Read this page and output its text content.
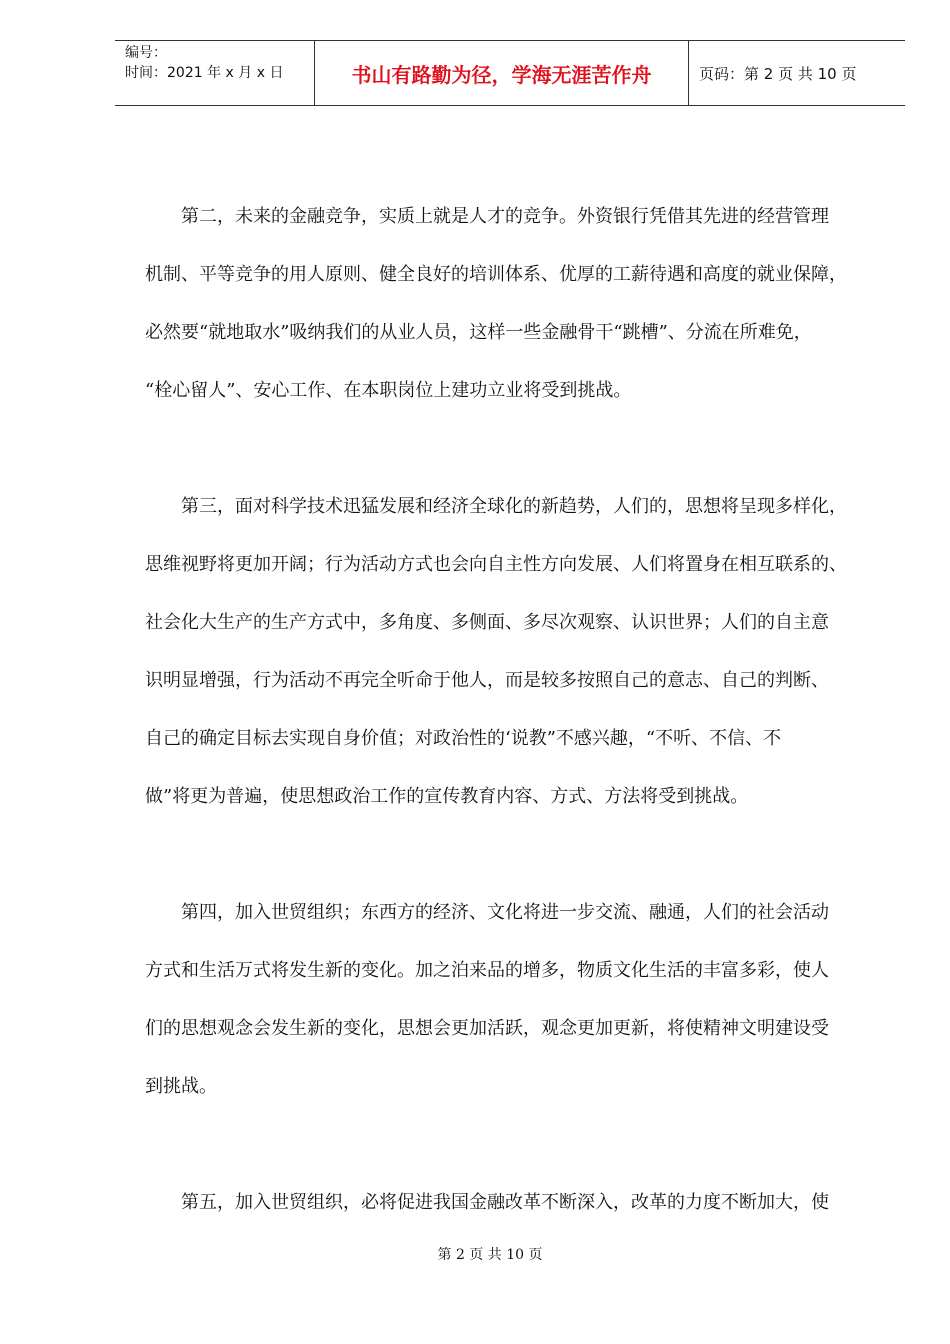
编号：
时间：2021 年 x 月 x 日	书山有路勤为径，学海无涯苦作舟	页码：第 2 页 共 10 页
第二，未来的金融竞争，实质上就是人才的竞争。外资银行凭借其先进的经营管理
机制、平等竞争的用人原则、健全良好的培训体系、优厚的工薪待遇和高度的就业保障，
必然要“就地取水”吸纳我们的从业人员，这样一些金融骨干“跳槽”、分流在所难免，
“栓心留人”、安心工作、在本职岗位上建功立业将受到挑战。
第三，面对科学技术迅猛发展和经济全球化的新趋势，人们的，思想将呈现多样化，
思维视野将更加开阔；行为活动方式也会向自主性方向发展、人们将置身在相互联系的、
社会化大生产的生产方式中，多角度、多侧面、多尽次观察、认识世界；人们的自主意
识明显增强，行为活动不再完全听命于他人，而是较多按照自己的意志、自己的判断、
自己的确定目标去实现自身价值；对政治性的‘说教”不感兴趣，“不听、不信、不
做”将更为普遍，使思想政治工作的宣传教育内容、方式、方法将受到挑战。
第四，加入世贸组织；东西方的经济、文化将进一步交流、融通，人们的社会活动
方式和生活万式将发生新的变化。加之泊来品的增多，物质文化生活的丰富多彩，使人
们的思想观念会发生新的变化，思想会更加活跃，观念更加更新，将使精神文明建设受
到挑战。
第五，加入世贸组织，必将促进我国金融改革不断深入，改革的力度不断加大，使
第 2 页 共 10 页
